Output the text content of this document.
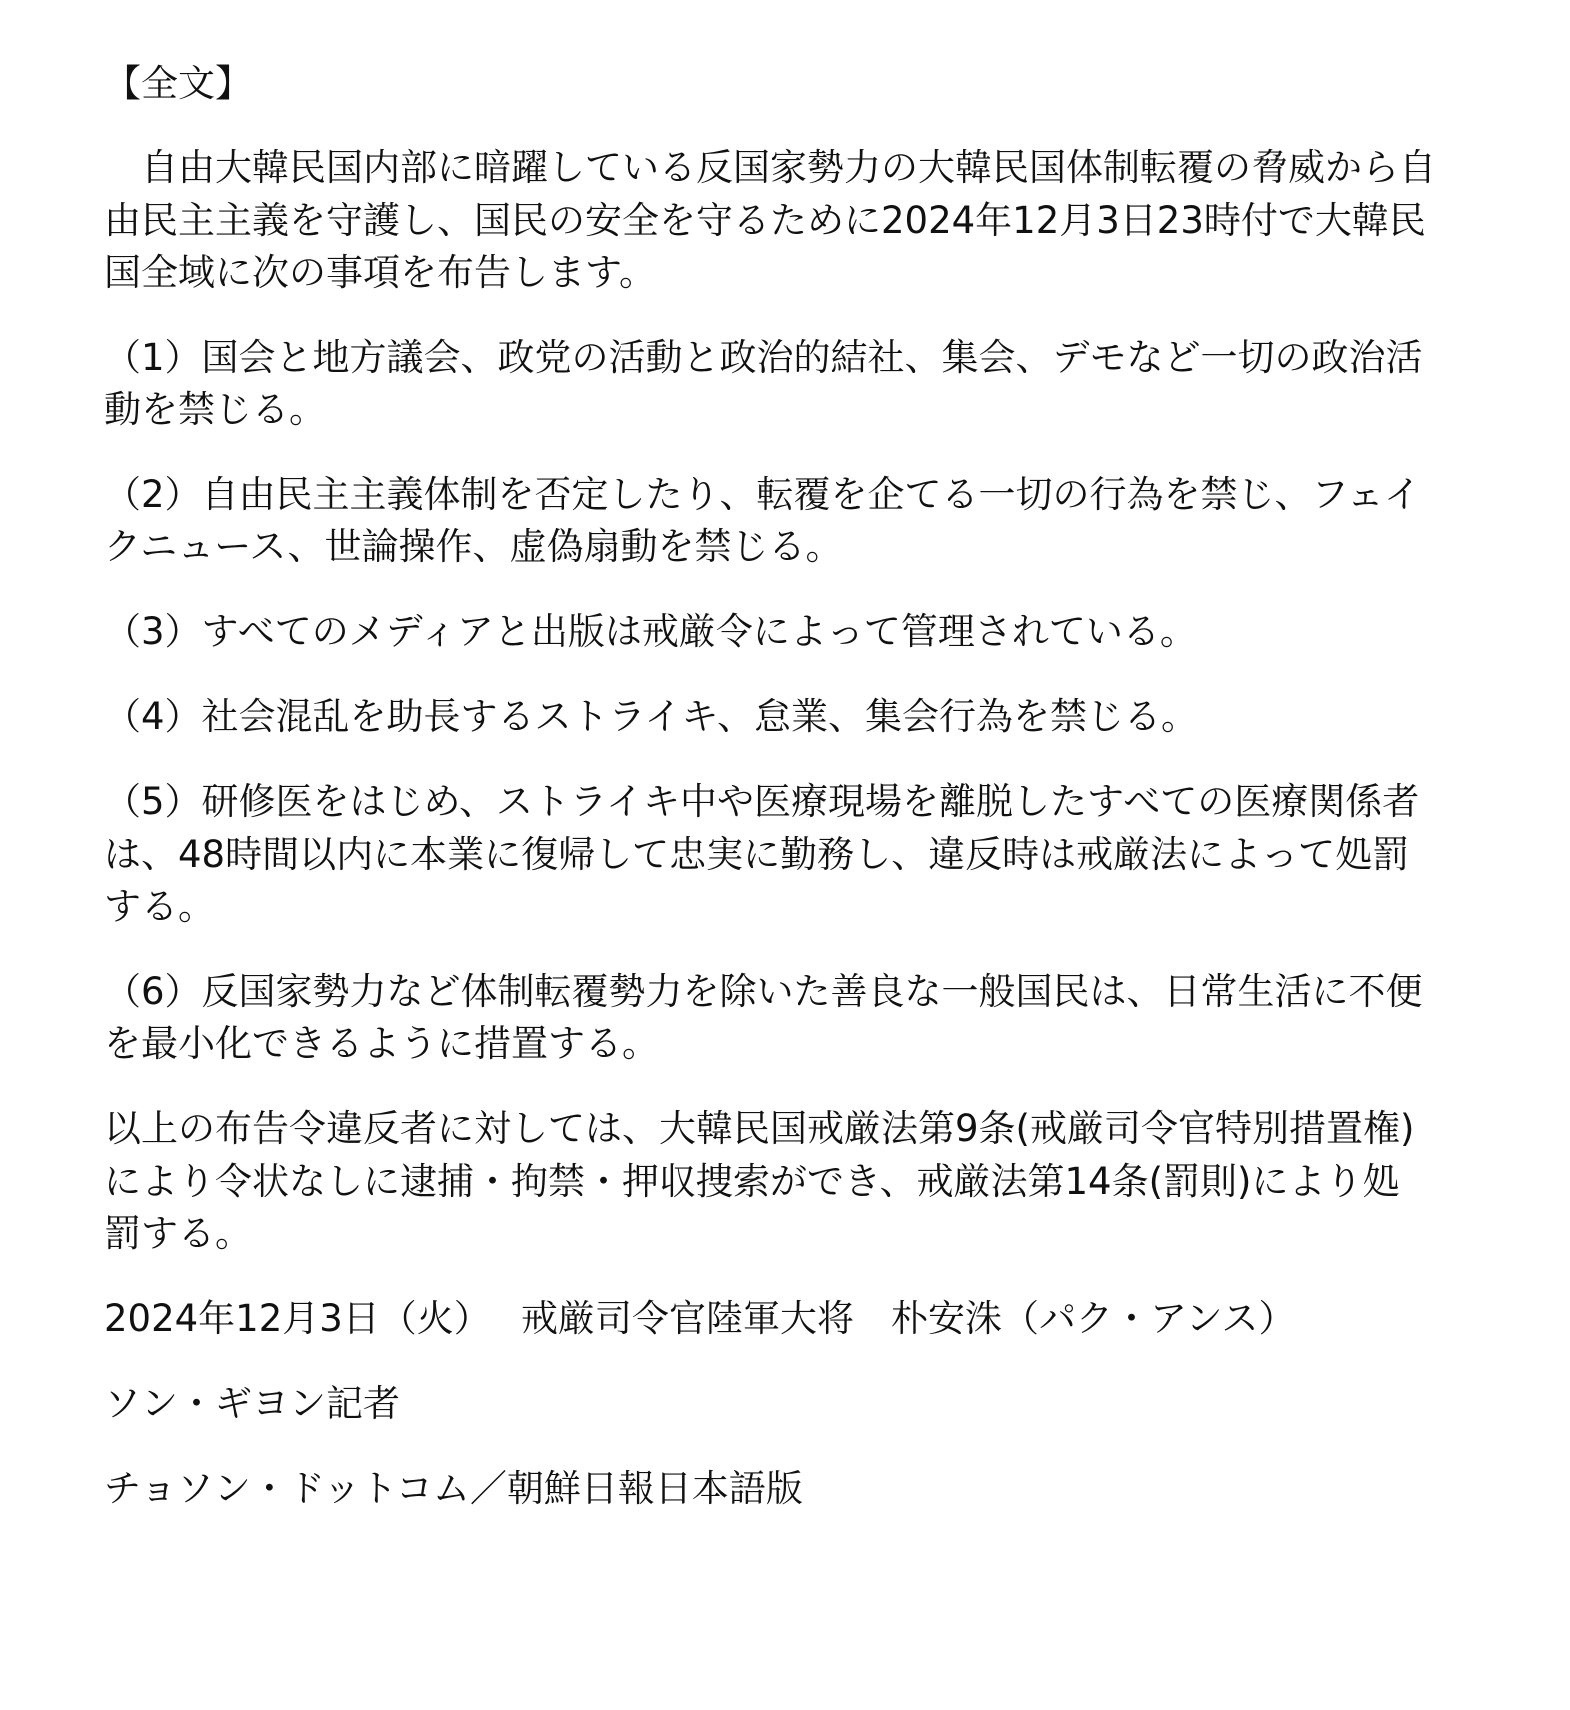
【全文】
　自由大韓民国内部に暗躍している反国家勢力の大韓民国体制転覆の脅威から自
由民主主義を守護し、国民の安全を守るために2024年12月3日23時付で大韓民
国全域に次の事項を布告します。
（1）国会と地方議会、政党の活動と政治的結社、集会、デモなど一切の政治活
動を禁じる。
（2）自由民主主義体制を否定したり、転覆を企てる一切の行為を禁じ、フェイ
クニュース、世論操作、虚偽扇動を禁じる。
（3）すべてのメディアと出版は戒厳令によって管理されている。
（4）社会混乱を助長するストライキ、怠業、集会行為を禁じる。
（5）研修医をはじめ、ストライキ中や医療現場を離脱したすべての医療関係者
は、48時間以内に本業に復帰して忠実に勤務し、違反時は戒厳法によって処罰
する。
（6）反国家勢力など体制転覆勢力を除いた善良な一般国民は、日常生活に不便
を最小化できるように措置する。
以上の布告令違反者に対しては、大韓民国戒厳法第9条(戒厳司令官特別措置権)
により令状なしに逮捕・拘禁・押収捜索ができ、戒厳法第14条(罰則)により処
罰する。
2024年12月3日（火）　 戒厳司令官陸軍大将　朴安洙（パク・アンス）
ソン・ギヨン記者
チョソン・ドットコム／朝鮮日報日本語版
